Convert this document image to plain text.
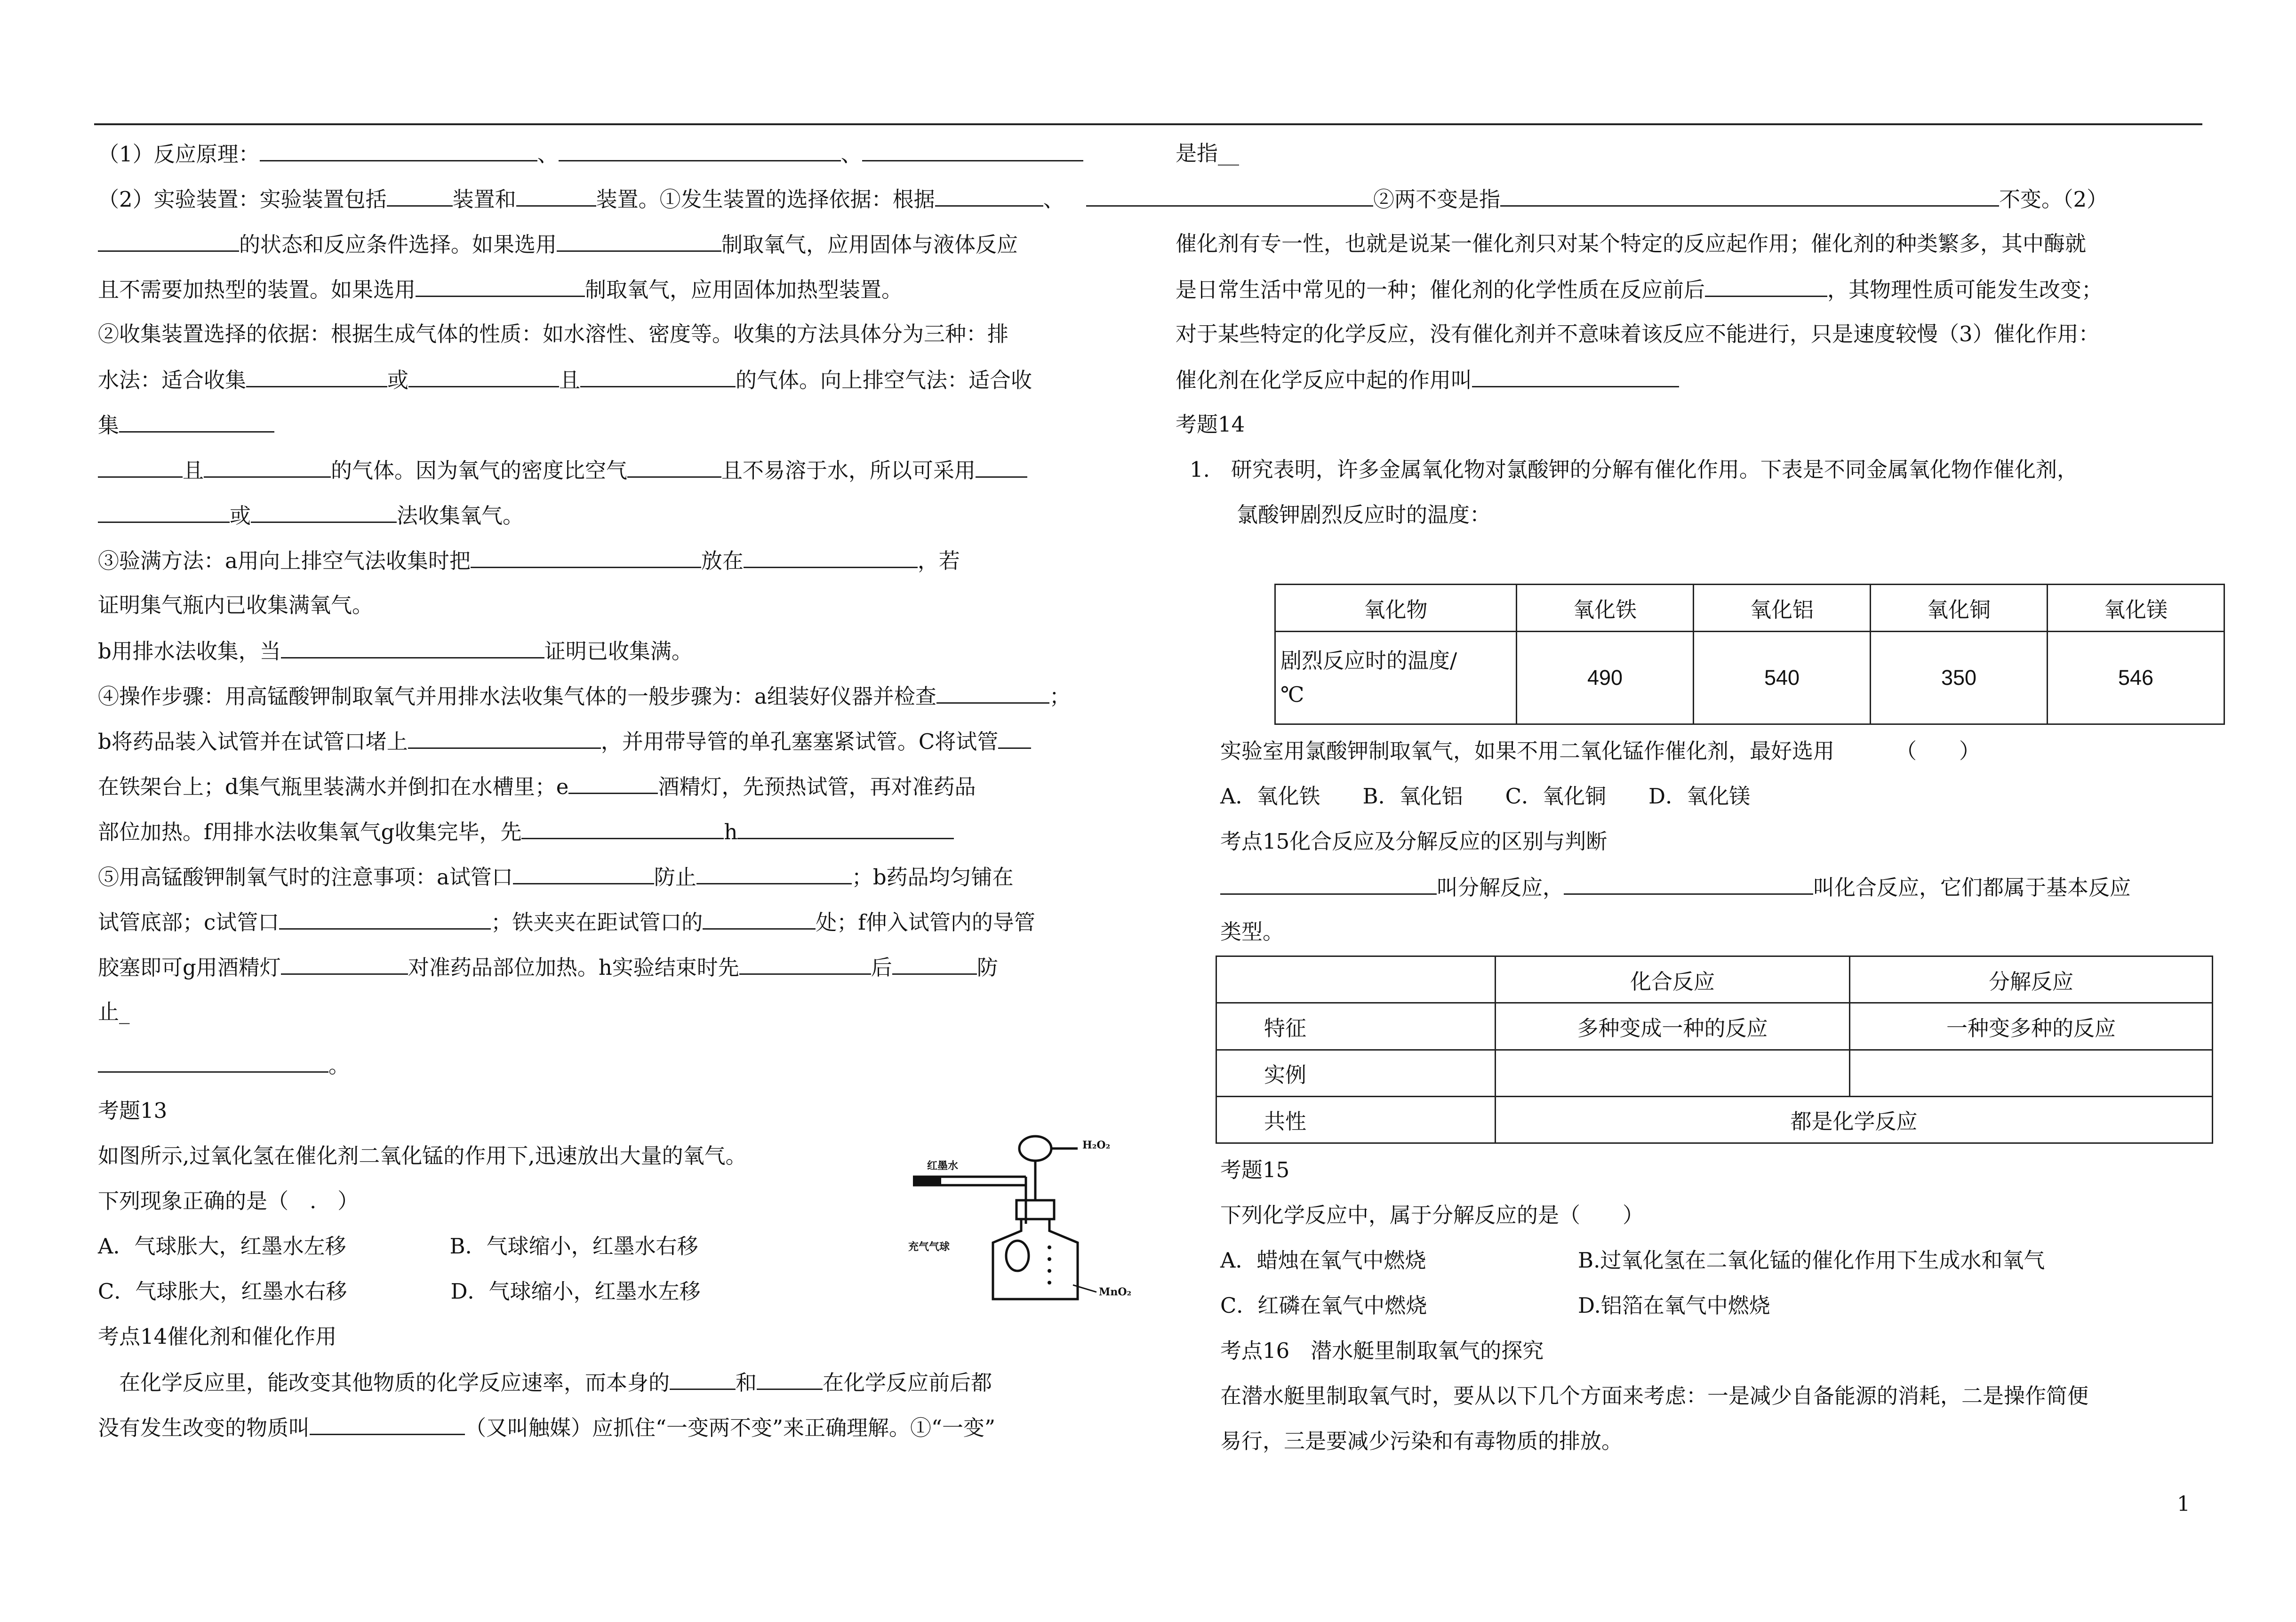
（1）反应原理：	、	、
（2）实验装置：实验装置包括	装置和	装置。①发生装置的选择依据：根据	、
的状态和反应条件选择。如果选用	制取氧气，应用固体与液体反应
且不需要加热型的装置。如果选用	制取氧气，应用固体加热型装置。
②收集装置选择的依据：根据生成气体的性质：如水溶性、密度等。收集的方法具体分为三种：排
水法：适合收集	或	且	的气体。向上排空气法：适合收
集
且	的气体。因为氧气的密度比空气	且不易溶于水，所以可采用
或	法收集氧气。
③验满方法：a用向上排空气法收集时把	放在	，若
证明集气瓶内已收集满氧气。
b用排水法收集，当	证明已收集满。
④操作步骤：用高锰酸钾制取氧气并用排水法收集气体的一般步骤为：a组装好仪器并检查	；
b将药品装入试管并在试管口堵上	，并用带导管的单孔塞塞紧试管。C将试管
在铁架台上；d集气瓶里装满水并倒扣在水槽里；e	酒精灯，先预热试管，再对准药品
部位加热。f用排水法收集氧气g收集完毕，先	h
⑤用高锰酸钾制氧气时的注意事项：a试管口	防止	；b药品均匀铺在
试管底部；c试管口	；铁夹夹在距试管口的	处；f伸入试管内的导管
胶塞即可g用酒精灯	对准药品部位加热。h实验结束时先	后	防
止_
。
考题13
如图所示,过氧化氢在催化剂二氧化锰的作用下,迅速放出大量的氧气。
下列现象正确的是（　.　）
A．气球胀大，红墨水左移	B．气球缩小，红墨水右移
C．气球胀大，红墨水右移	D．气球缩小，红墨水左移
考点14催化剂和催化作用
　在化学反应里，能改变其他物质的化学反应速率，而本身的	和	在化学反应前后都
没有发生改变的物质叫	（又叫触媒）应抓住“一变两不变”来正确理解。①“一变”
红墨水
H₂O₂
充气气球
MnO₂
是指__
②两不变是指	不变。（2）
催化剂有专一性，也就是说某一催化剂只对某个特定的反应起作用；催化剂的种类繁多，其中酶就
是日常生活中常见的一种；催化剂的化学性质在反应前后	，其物理性质可能发生改变；
对于某些特定的化学反应，没有催化剂并不意味着该反应不能进行，只是速度较慢（3）催化作用：
催化剂在化学反应中起的作用叫
考题14
1.　研究表明，许多金属氧化物对氯酸钾的分解有催化作用。下表是不同金属氧化物作催化剂，
氯酸钾剧烈反应时的温度：
氧化物	氧化铁	氧化铝	氧化铜	氧化镁
剧烈反应时的温度/
℃	490	540	350	546
实验室用氯酸钾制取氧气，如果不用二氧化锰作催化剂，最好选用	（　　）
A．氧化铁 B．氧化铝 C．氧化铜 D．氧化镁
考点15化合反应及分解反应的区别与判断
叫分解反应，	叫化合反应，它们都属于基本反应
类型。
	化合反应	分解反应
特征	多种变成一种的反应	一种变多种的反应
实例		
共性	都是化学反应	
考题15
下列化学反应中，属于分解反应的是（　　）
A．蜡烛在氧气中燃烧	B.过氧化氢在二氧化锰的催化作用下生成水和氧气
C．红磷在氧气中燃烧	D.铝箔在氧气中燃烧
考点16　潜水艇里制取氧气的探究
在潜水艇里制取氧气时，要从以下几个方面来考虑：一是减少自备能源的消耗，二是操作简便
易行，三是要减少污染和有毒物质的排放。
1
